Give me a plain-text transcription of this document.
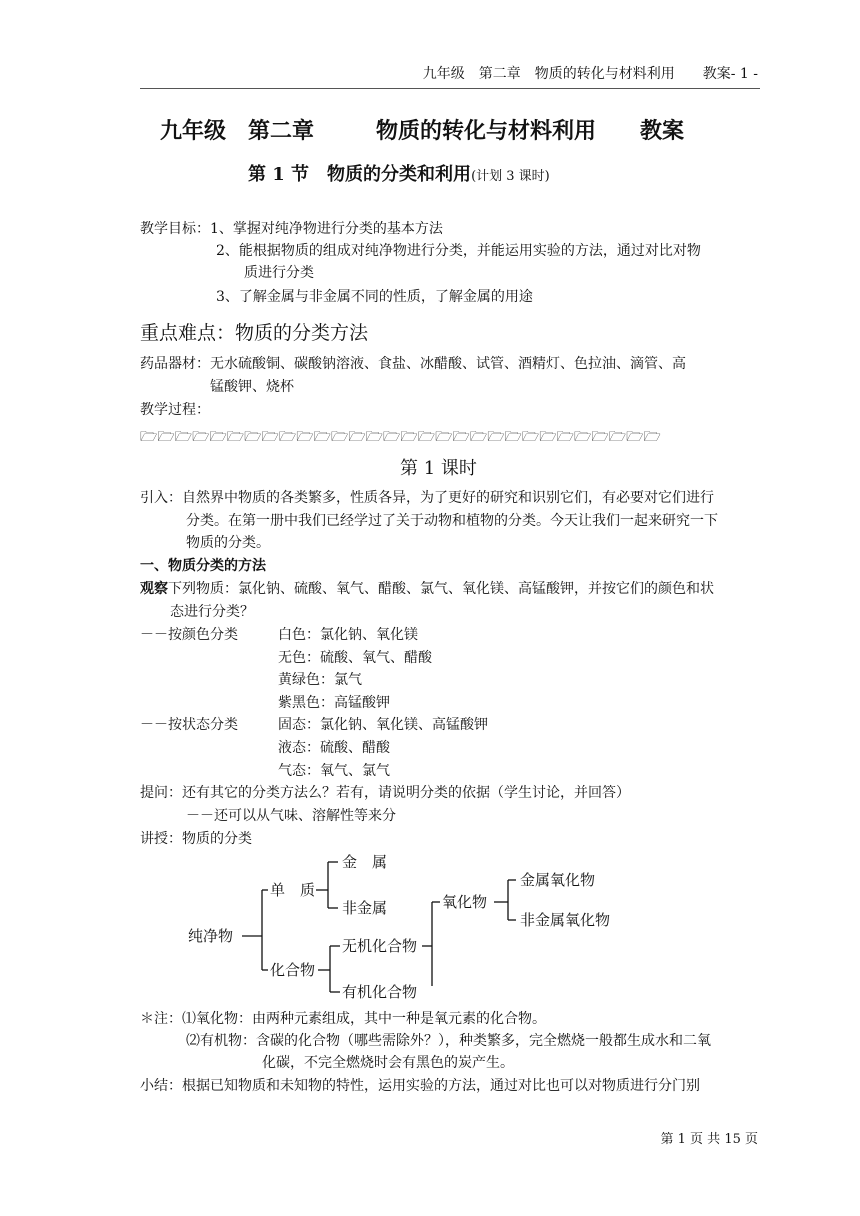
九年级　第二章　物质的转化与材料利用　　教案- 1 -
九年级　第二章	物质的转化与材料利用 教案
第 1 节　物质的分类和利用(计划 3 课时)
教学目标： 1、掌握对纯净物进行分类的基本方法
2、能根据物质的组成对纯净物进行分类，并能运用实验的方法，通过对比对物
质进行分类
3、了解金属与非金属不同的性质，了解金属的用途
重点难点：物质的分类方法
药品器材：无水硫酸铜、碳酸钠溶液、食盐、冰醋酸、试管、酒精灯、色拉油、滴管、高
锰酸钾、烧杯
教学过程：
🗁🗁🗁🗁🗁🗁🗁🗁🗁🗁🗁🗁🗁🗁🗁🗁🗁🗁🗁🗁🗁🗁🗁🗁🗁🗁🗁🗁🗁🗁
第 1 课时
引入：自然界中物质的各类繁多，性质各异，为了更好的研究和识别它们，有必要对它们进行
分类。在第一册中我们已经学过了关于动物和植物的分类。今天让我们一起来研究一下
物质的分类。
一、物质分类的方法
观察下列物质：氯化钠、硫酸、氧气、醋酸、氯气、氧化镁、高锰酸钾，并按它们的颜色和状
态进行分类？
－－按颜色分类	白色：氯化钠、氧化镁
无色：硫酸、氧气、醋酸
黄绿色：氯气
紫黑色：高锰酸钾
－－按状态分类	固态：氯化钠、氧化镁、高锰酸钾
液态：硫酸、醋酸
气态：氧气、氯气
提问：还有其它的分类方法么？若有，请说明分类的依据（学生讨论，并回答）
－－还可以从气味、溶解性等来分
讲授：物质的分类
纯净物
单　质
金　属
非金属
化合物
无机化合物
有机化合物
氧化物
金属氧化物
非金属氧化物
＊注：⑴氧化物：由两种元素组成，其中一种是氧元素的化合物。
⑵有机物：含碳的化合物（哪些需除外？），种类繁多，完全燃烧一般都生成水和二氧
化碳，不完全燃烧时会有黑色的炭产生。
小结：根据已知物质和未知物的特性，运用实验的方法，通过对比也可以对物质进行分门别
第 1 页 共 15 页
